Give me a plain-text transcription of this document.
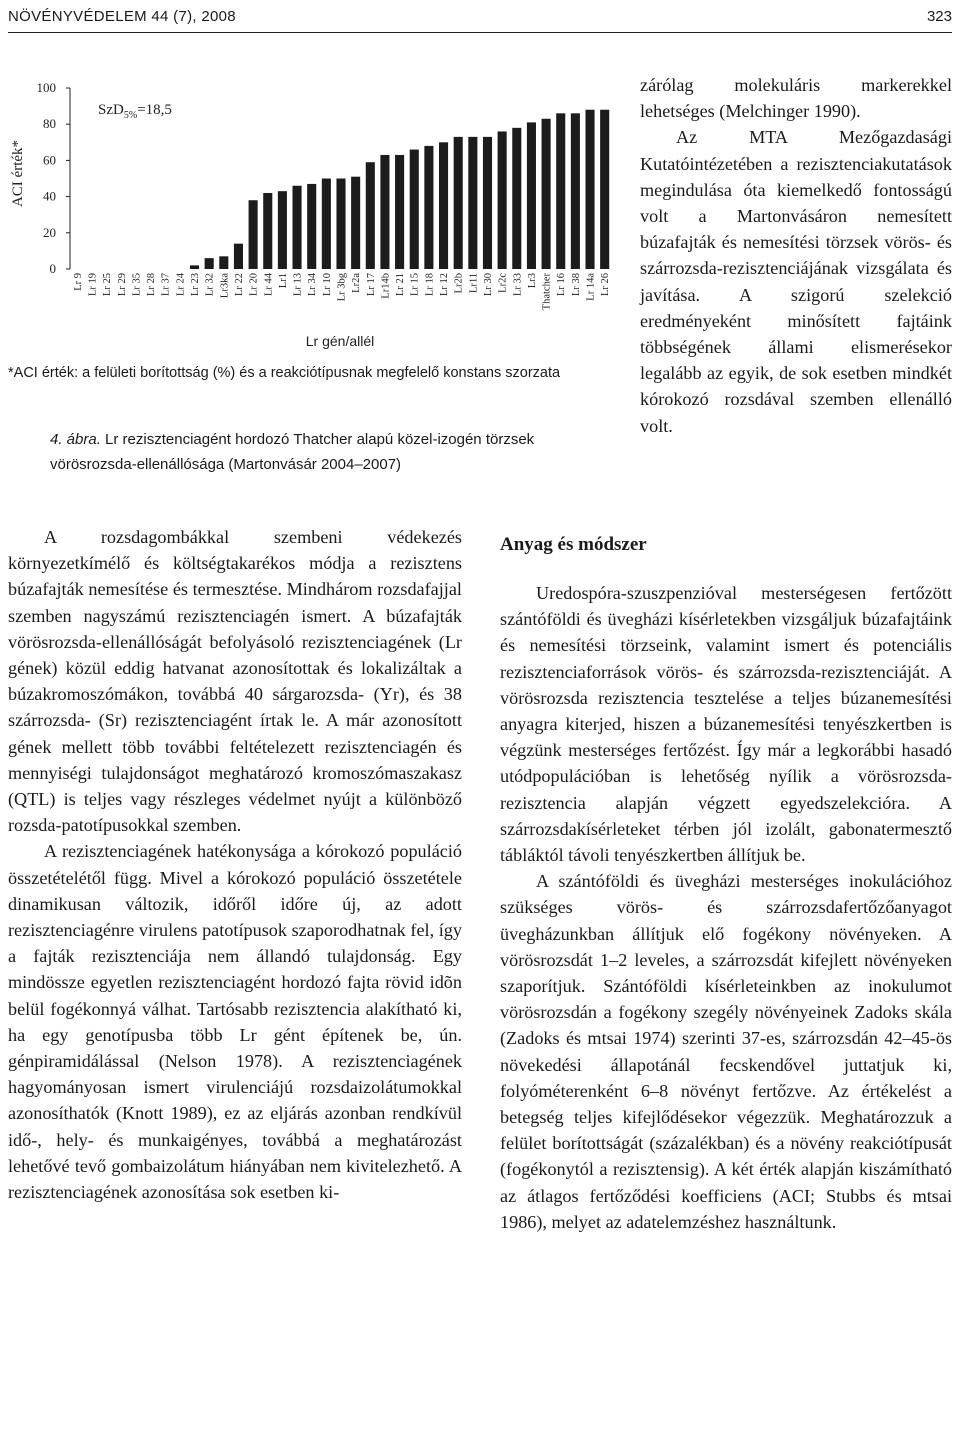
NÖVÉNYVÉDELEM 44 (7), 2008	323
0
20
40
60
80
100
ACI érték*
Lr 9 Lr 19 Lr 25 Lr 29 Lr 35 Lr 28 Lr 37 Lr 24 Lr 23 Lr 32 Lr3ka Lr 22 Lr 20 Lr 44 Lr1 Lr 13 Lr 34 Lr 10 Lr 3bg Lr2a Lr 17 Lr14b Lr 21 Lr 15 Lr 18 Lr 12 Lr2b Lr11 Lr 30 Lr2c Lr 33 Lr3 Thatcher Lr 16 Lr 38 Lr 14a Lr 26
Lr gén/allél
SzD$_{5\%}$=18,5
*ACI érték: a felületi borítottság (%) és a reakciótípusnak megfelelő konstans szorzata
4. ábra. Lr rezisztenciagént hordozó Thatcher alapú közel-izogén törzsek vörösrozsda-ellenállósága (Martonvásár 2004–2007)

zárólag molekuláris markerekkel lehetséges (Melchinger 1990).

Az MTA Mezőgazdasági Kutatóintézetében a rezisztenciakutatások megindulása óta kiemelkedő fontosságú volt a Martonvásáron nemesített búzafajták és nemesítési törzsek vörös- és szárrozsda-rezisztenciájának vizsgálata és javítása. A szigorú szelekció eredményeként minősített fajtáink többségének állami elismerésekor legalább az egyik, de sok esetben mindkét kórokozó rozsdával szemben ellenálló volt.

A rozsdagombákkal szembeni védekezés környezetkímélő és költségtakarékos módja a rezisztens búzafajták nemesítése és termesztése. Mindhárom rozsdafajjal szemben nagyszámú rezisztenciagén ismert. A búzafajták vörösrozsda-ellenállóságát befolyásoló rezisztenciagének (Lr gének) közül eddig hatvanat azonosítottak és lokalizáltak a búzakromoszómákon, továbbá 40 sárgarozsda- (Yr), és 38 szárrozsda- (Sr) rezisztenciagént írtak le. A már azonosított gének mellett több további feltételezett rezisztenciagén és mennyiségi tulajdonságot meghatározó kromoszómaszakasz (QTL) is teljes vagy részleges védelmet nyújt a különböző rozsda-patotípusokkal szemben.

A rezisztenciagének hatékonysága a kórokozó populáció összetételétől függ. Mivel a kórokozó populáció összetétele dinamikusan változik, időről időre új, az adott rezisztenciagénre virulens patotípusok szaporodhatnak fel, így a fajták rezisztenciája nem állandó tulajdonság. Egy mindössze egyetlen rezisztenciagént hordozó fajta rövid idõn belül fogékonnyá válhat. Tartósabb rezisztencia alakítható ki, ha egy genotípusba több Lr gént építenek be, ún. génpiramidálással (Nelson 1978). A rezisztenciagének hagyományosan ismert virulenciájú rozsdaizolátumokkal azonosíthatók (Knott 1989), ez az eljárás azonban rendkívül idő-, hely- és munkaigényes, továbbá a meghatározást lehetővé tevő gombaizolátum hiányában nem kivitelezhető. A rezisztenciagének azonosítása sok esetben ki-

Anyag és módszer

Uredospóra-szuszpenzióval mesterségesen fertőzött szántóföldi és üvegházi kísérletekben vizsgáljuk búzafajtáink és nemesítési törzseink, valamint ismert és potenciális rezisztenciaforrások vörös- és szárrozsda-rezisztenciáját. A vörösrozsda rezisztencia tesztelése a teljes búzanemesítési anyagra kiterjed, hiszen a búzanemesítési tenyészkertben is végzünk mesterséges fertőzést. Így már a legkorábbi hasadó utódpopulációban is lehetőség nyílik a vörösrozsda-rezisztencia alapján végzett egyedszelekcióra. A szárrozsdakísérleteket térben jól izolált, gabonatermesztő tábláktól távoli tenyészkertben állítjuk be.

A szántóföldi és üvegházi mesterséges inokulációhoz szükséges vörös- és szárrozsdafertőzőanyagot üvegházunkban állítjuk elő fogékony növényeken. A vörösrozsdát 1–2 leveles, a szárrozsdát kifejlett növényeken szaporítjuk. Szántóföldi kísérleteinkben az inokulumot vörösrozsdán a fogékony szegély növényeinek Zadoks skála (Zadoks és mtsai 1974) szerinti 37-es, szárrozsdán 42–45-ös növekedési állapotánál fecskendővel juttatjuk ki, folyóméterenként 6–8 növényt fertőzve. Az értékelést a betegség teljes kifejlődésekor végezzük. Meghatározzuk a felület borítottságát (százalékban) és a növény reakciótípusát (fogékonytól a rezisztensig). A két érték alapján kiszámítható az átlagos fertőződési koefficiens (ACI; Stubbs és mtsai 1986), melyet az adatelemzéshez használtunk.
